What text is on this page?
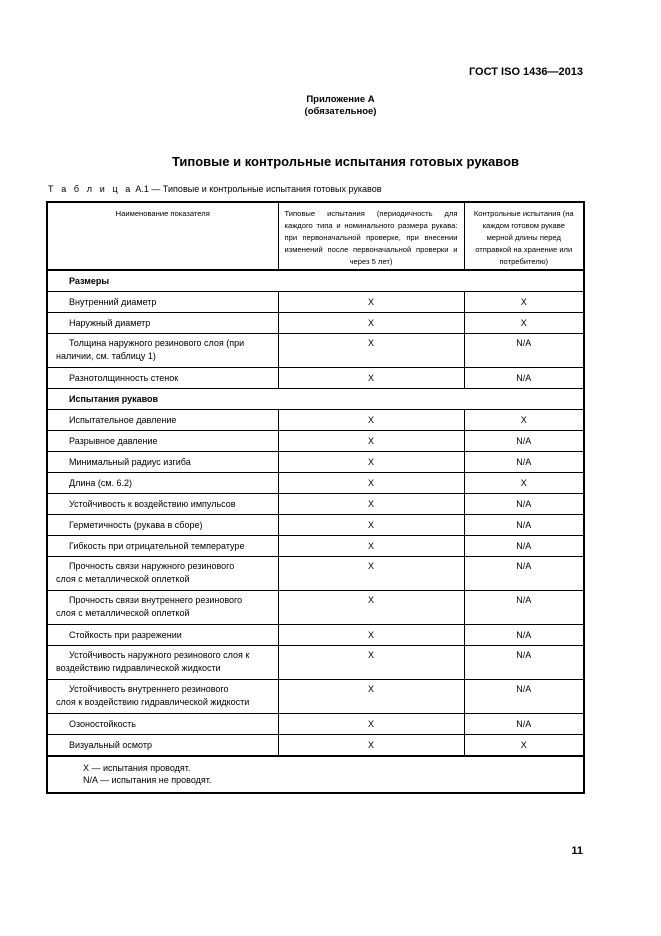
ГОСТ ISO 1436—2013
Приложение А
(обязательное)
Типовые и контрольные испытания готовых рукавов
Т а б л и ц а А.1 — Типовые и контрольные испытания готовых рукавов
Наименование показателя	Типовые испытания (периодичность для каждого типа и номинального размера рукава: при первоначальной проверке, при внесении изменений после первоначальной проверки и через 5 лет)	Контрольные испытания (на каждом готовом рукаве мерной длины перед отправкой на хранение или потребителю)
Размеры		
Внутренний диаметр	X	X
Наружный диаметр	X	X

Толщина наружного резинового слоя (при
наличии, см. таблицу 1)	X	N/A
Разнотолщинность стенок	X	N/A
Испытания рукавов		
Испытательное давление	X	X
Разрывное давление	X	N/A
Минимальный радиус изгиба	X	N/A
Длина (см. 6.2)	X	X
Устойчивость к воздействию импульсов	X	N/A
Герметичность (рукава в сборе)	X	N/A
Гибкость при отрицательной температуре	X	N/A

Прочность связи наружного резинового
слоя с металлической оплеткой	X	N/A

Прочность связи внутреннего резинового
слоя с металлической оплеткой	X	N/A
Стойкость при разрежении	X	N/A

Устойчивость наружного резинового слоя к
воздействию гидравлической жидкости	X	N/A

Устойчивость внутреннего резинового
слоя к воздействию гидравлической жидкости	X	N/A
Озоностойкость	X	N/A
Визуальный осмотр	X	X

X — испытания проводят.
N/A — испытания не проводят.		
11
